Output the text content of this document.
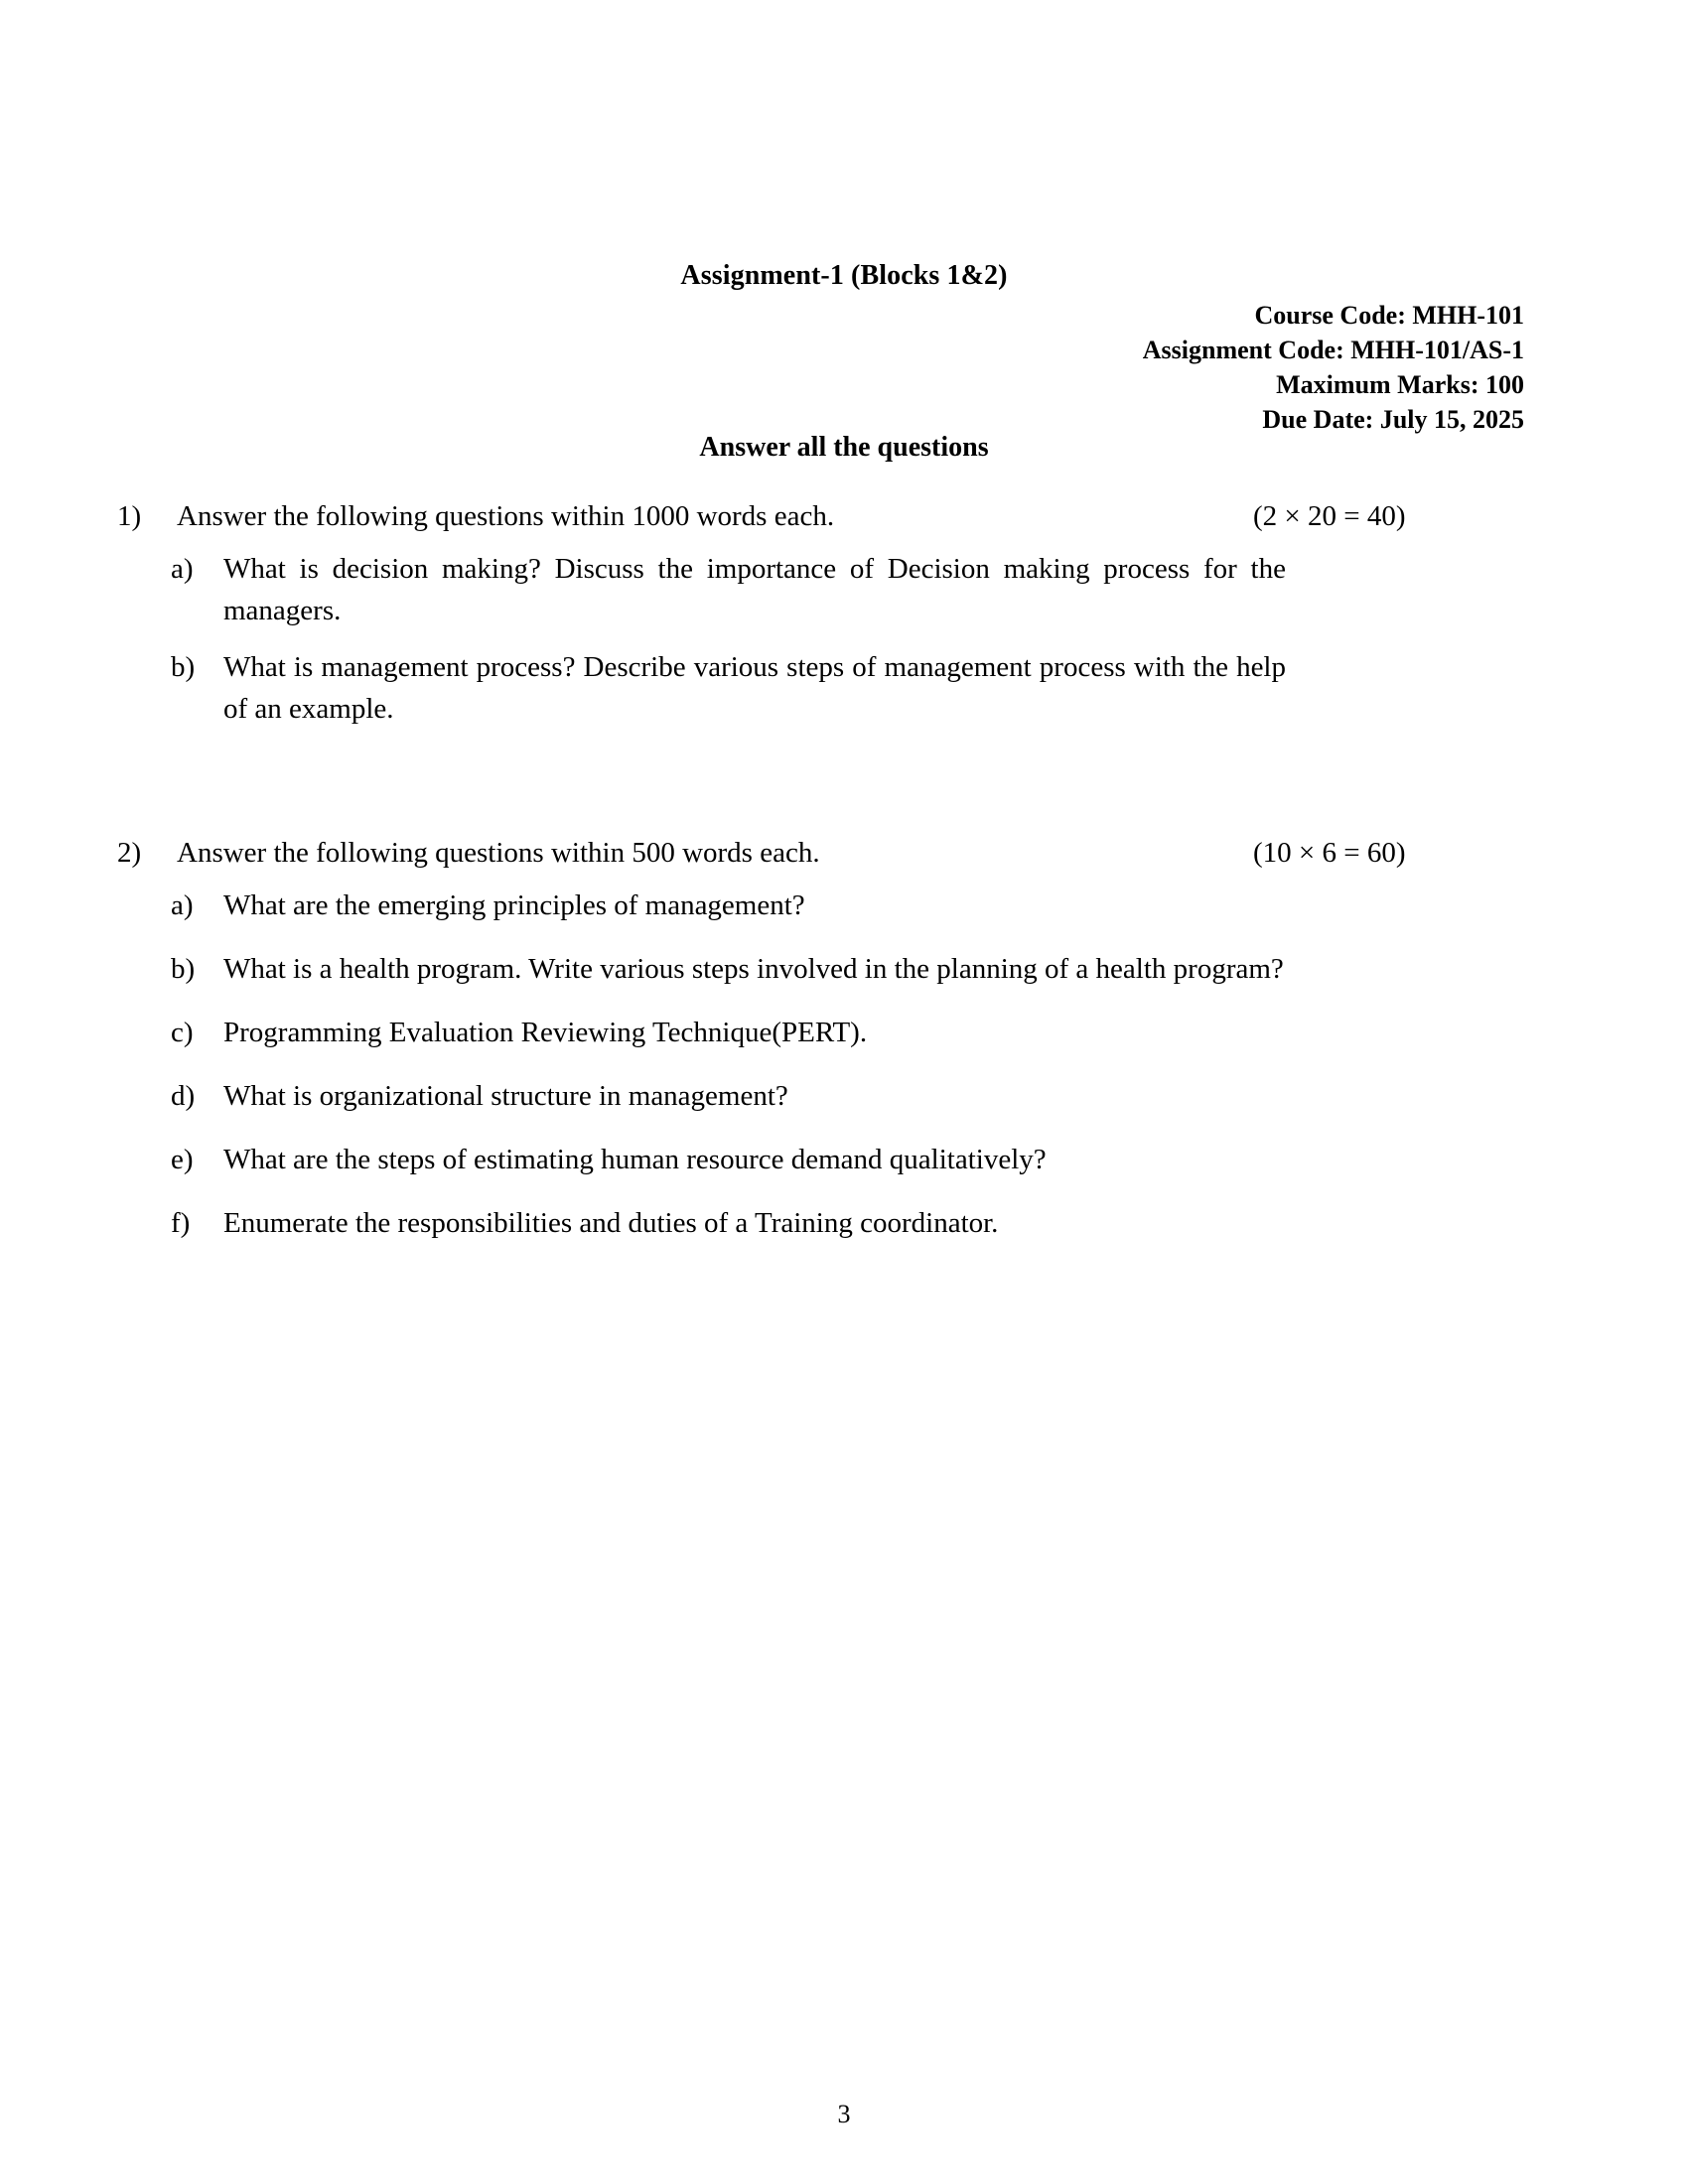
Assignment-1 (Blocks 1&2)
Course Code: MHH-101
Assignment Code: MHH-101/AS-1
Maximum Marks: 100
Due Date: July 15, 2025
Answer all the questions
1)	Answer the following questions within 1000 words each.	(2 × 20 = 40)
a)	What is decision making? Discuss the importance of Decision making process for the managers.
b) What is management process? Describe various steps of management process with the help of an example.
2)	Answer the following questions within 500 words each.	(10 × 6 = 60)
a)	What are the emerging principles of management?
b) What is a health program. Write various steps involved in the planning of a health program?
c)	Programming Evaluation Reviewing Technique(PERT).
d) What is organizational structure in management?
e)	What are the steps of estimating human resource demand qualitatively?
f)	Enumerate the responsibilities and duties of a Training coordinator.
3
